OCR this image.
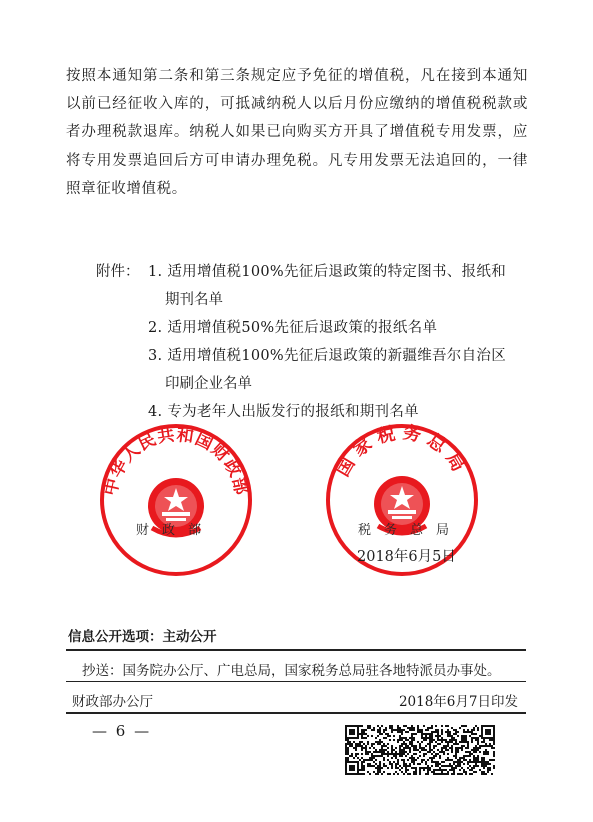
按照本通知第二条和第三条规定应予免征的增值税，凡在接到本通知以前已经征收入库的，可抵减纳税人以后月份应缴纳的增值税税款或者办理税款退库。纳税人如果已向购买方开具了增值税专用发票，应将专用发票追回后方可申请办理免税。凡专用发票无法追回的，一律照章征收增值税。

附件： 1. 适用增值税100%先征后退政策的特定图书、报纸和
期刊名单
2. 适用增值税50%先征后退政策的报纸名单
3. 适用增值税100%先征后退政策的新疆维吾尔自治区
印刷企业名单
4. 专为老年人出版发行的报纸和期刊名单
中华人民共和国财政部
国家税务总局
财　政　部	税　务　总　局
2018年6月5日
信息公开选项：主动公开
抄送：国务院办公厅、广电总局，国家税务总局驻各地特派员办事处。
财政部办公厅	2018年6月7日印发
— 6 —
